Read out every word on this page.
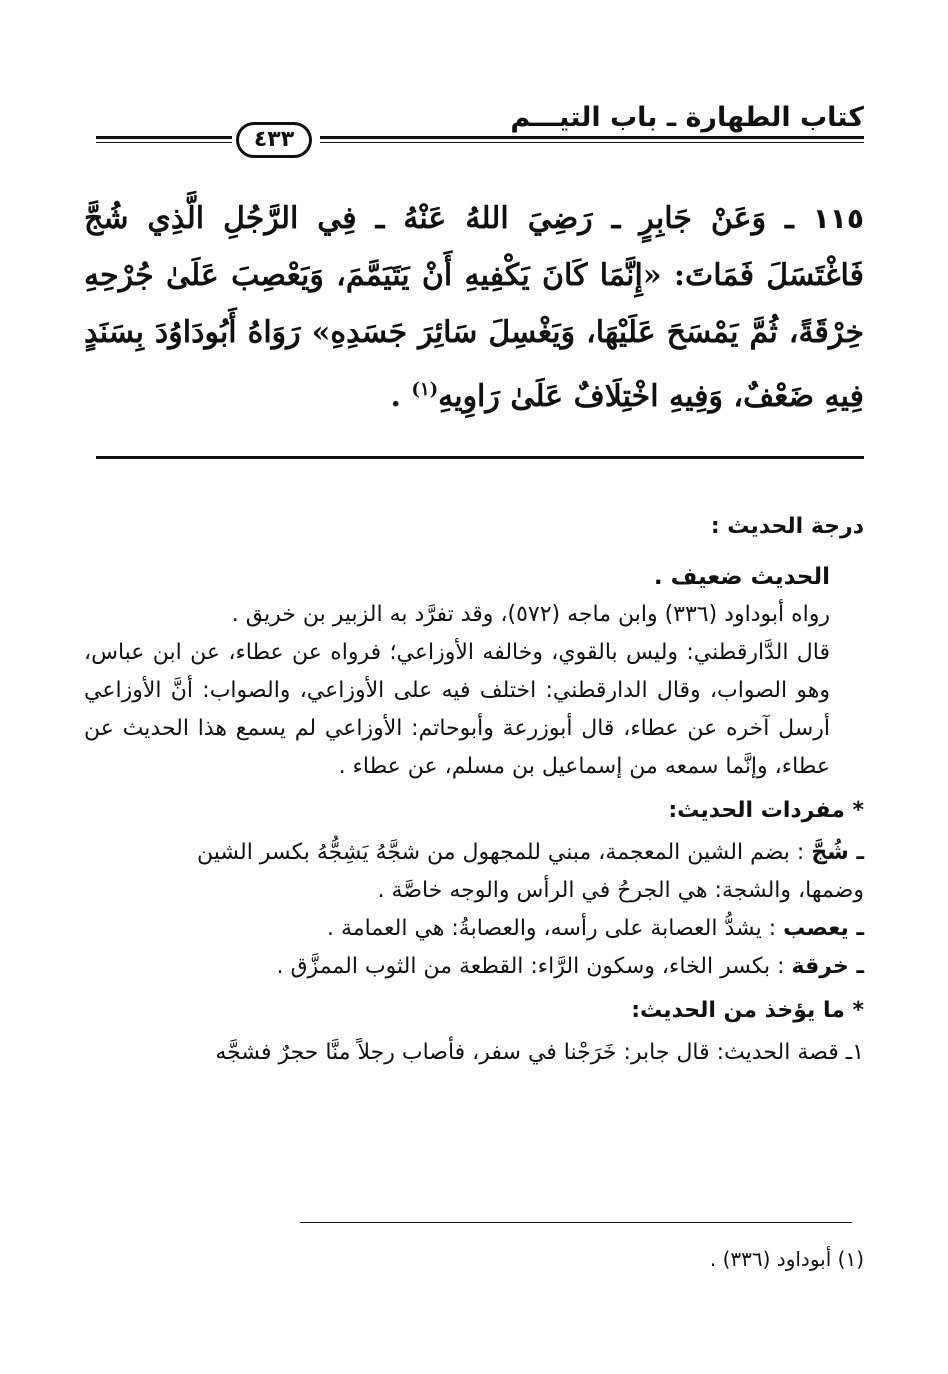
كتاب الطهارة ـ باب التيـــم
٤٣٣
١١٥ ـ وَعَنْ جَابِرٍ ـ رَضِيَ اللهُ عَنْهُ ـ فِي الرَّجُلِ الَّذِي شُجَّ فَاغْتَسَلَ فَمَاتَ: «إِنَّمَا كَانَ يَكْفِيهِ أَنْ يَتَيَمَّمَ، وَيَعْصِبَ عَلَىٰ جُرْحِهِ خِرْقَةً، ثُمَّ يَمْسَحَ عَلَيْهَا، وَيَغْسِلَ سَائِرَ جَسَدِهِ» رَوَاهُ أَبُودَاوُدَ بِسَنَدٍ فِيهِ ضَعْفٌ، وَفِيهِ اخْتِلَافٌ عَلَىٰ رَاوِيهِ$^{(١)}$ .
درجة الحديث :

الحديث ضعيف .

رواه أبوداود (٣٣٦) وابن ماجه (٥٧٢)، وقد تفرَّد به الزبير بن خريق .

قال الدَّارقطني: وليس بالقوي، وخالفه الأوزاعي؛ فرواه عن عطاء، عن ابن عباس، وهو الصواب، وقال الدارقطني: اختلف فيه على الأوزاعي، والصواب: أنَّ الأوزاعي أرسل آخره عن عطاء، قال أبوزرعة وأبوحاتم: الأوزاعي لم يسمع هذا الحديث عن عطاء، وإنَّما سمعه من إسماعيل بن مسلم، عن عطاء .

* مفردات الحديث:

ـ شُجَّ : بضم الشين المعجمة، مبني للمجهول من شجَّهُ يَشِجُّهُ بكسر الشين

وضمها، والشجة: هي الجرحُ في الرأس والوجه خاصَّة .

ـ يعصب : يشدُّ العصابة على رأسه، والعصابةُ: هي العمامة .

ـ خرقة : بكسر الخاء، وسكون الرَّاء: القطعة من الثوب الممزَّق .

* ما يؤخذ من الحديث:

١ـ قصة الحديث: قال جابر: خَرَجْنا في سفر، فأصاب رجلاً منَّا حجرٌ فشجَّه

(١) أبوداود (٣٣٦) .
